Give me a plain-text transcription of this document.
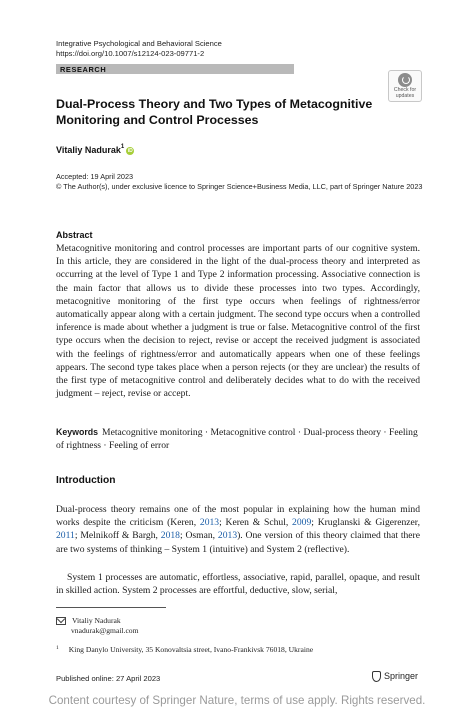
Integrative Psychological and Behavioral Science
https://doi.org/10.1007/s12124-023-09771-2
RESEARCH
Check for
updates
Dual-Process Theory and Two Types of Metacognitive Monitoring and Control Processes
Vitaliy Nadurak$^1$iD
Accepted: 19 April 2023
© The Author(s), under exclusive licence to Springer Science+Business Media, LLC, part of Springer Nature 2023
Abstract
Metacognitive monitoring and control processes are important parts of our cognitive system. In this article, they are considered in the light of the dual-process theory and interpreted as occurring at the level of Type 1 and Type 2 information processing. Associative connection is the main factor that allows us to divide these processes into two types. Accordingly, metacognitive monitoring of the first type occurs when feelings of rightness/error automatically appear along with a certain judgment. The second type occurs when a controlled inference is made about whether a judgment is true or false. Metacognitive control of the first type occurs when the decision to reject, revise or accept the received judgment is associated with the feelings of rightness/error and automatically appears when one of these feelings appears. The second type takes place when a person rejects (or they are unclear) the results of the first type of metacognitive control and deliberately decides what to do with the received judgment – reject, revise or accept.
Keywords Metacognitive monitoring · Metacognitive control · Dual-process theory · Feeling of rightness · Feeling of error
Introduction
Dual-process theory remains one of the most popular in explaining how the human mind works despite the criticism (Keren, 2013; Keren & Schul, 2009; Kruglanski & Gigerenzer, 2011; Melnikoff & Bargh, 2018; Osman, 2013). One version of this theory claimed that there are two systems of thinking – System 1 (intuitive) and System 2 (reflective).
System 1 processes are automatic, effortless, associative, rapid, parallel, opaque, and result in skilled action. System 2 processes are effortful, deductive, slow, serial,
Vitaliy Nadurak
vnadurak@gmail.com
$^1$ King Danylo University, 35 Konovaltsia street, Ivano-Frankivsk 76018, Ukraine
Published online: 27 April 2023	Springer
Content courtesy of Springer Nature, terms of use apply. Rights reserved.
